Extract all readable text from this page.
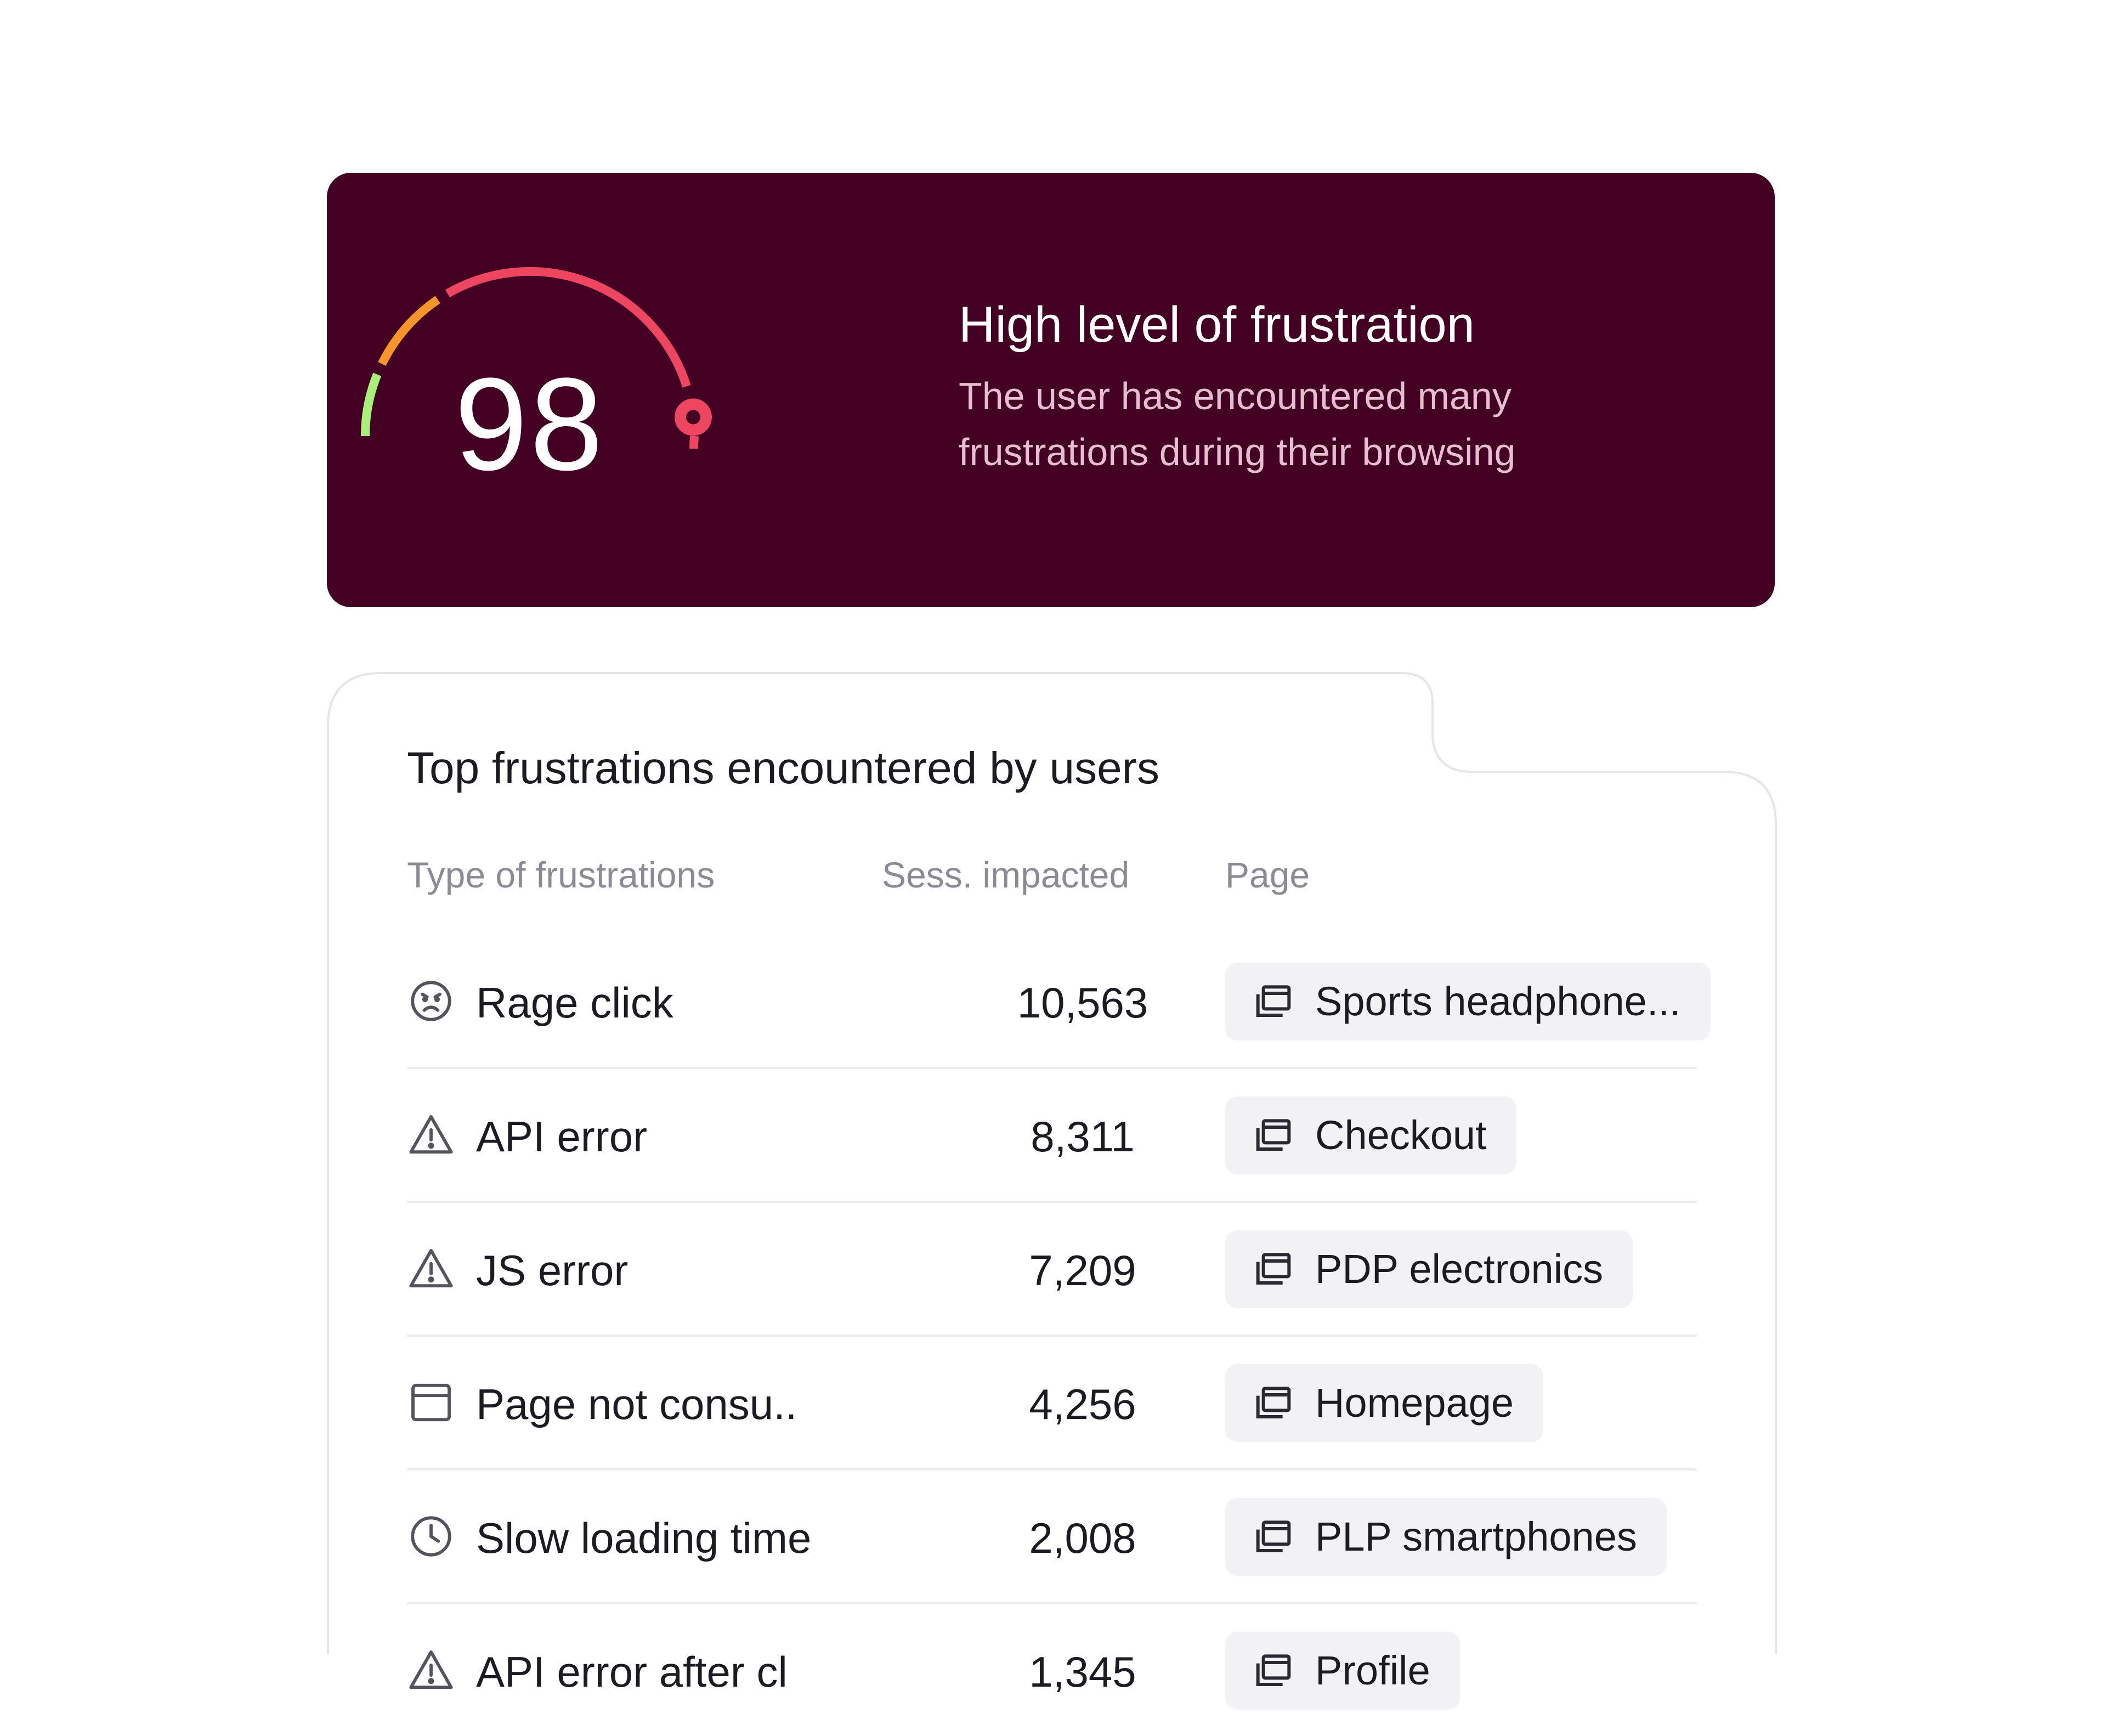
98
High level of frustration

The user has encountered many frustrations during their browsing

Top frustrations encountered by users
Type of frustrations	Sess. impacted	Page
Rage click	10,563	Sports headphone...
API error	8,311	Checkout
JS error	7,209	PDP electronics
Page not consu..	4,256	Homepage
Slow loading time	2,008	PLP smartphones
API error after cl	1,345	Profile
